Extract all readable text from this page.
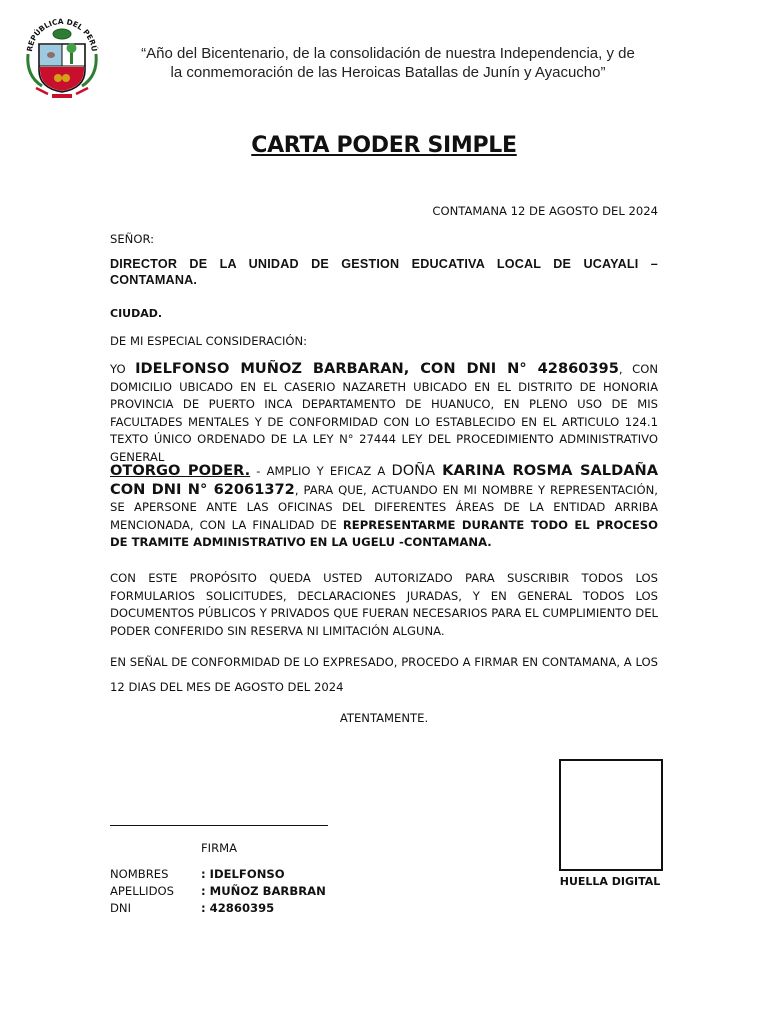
REPÚBLICA DEL PERÚ	“Año del Bicentenario, de la consolidación de nuestra Independencia, y de
la conmemoración de las Heroicas Batallas de Junín y Ayacucho”
CARTA PODER SIMPLE
CONTAMANA 12 DE AGOSTO DEL 2024
SEÑOR:
DIRECTOR DE LA UNIDAD DE GESTION EDUCATIVA LOCAL DE UCAYALI – CONTAMANA.
CIUDAD.
DE MI ESPECIAL CONSIDERACIÓN:
YO IDELFONSO MUÑOZ BARBARAN, CON DNI N° 42860395, CON DOMICILIO UBICADO EN EL CASERIO NAZARETH UBICADO EN EL DISTRITO DE HONORIA PROVINCIA DE PUERTO INCA DEPARTAMENTO DE HUANUCO, EN PLENO USO DE MIS FACULTADES MENTALES Y DE CONFORMIDAD CON LO ESTABLECIDO EN EL ARTICULO 124.1 TEXTO ÚNICO ORDENADO DE LA LEY N° 27444 LEY DEL PROCEDIMIENTO ADMINISTRATIVO GENERAL
OTORGO PODER. - AMPLIO Y EFICAZ A DOÑA KARINA ROSMA SALDAÑA CON DNI N° 62061372, PARA QUE, ACTUANDO EN MI NOMBRE Y REPRESENTACIÓN, SE APERSONE ANTE LAS OFICINAS DEL DIFERENTES ÁREAS DE LA ENTIDAD ARRIBA MENCIONADA, CON LA FINALIDAD DE REPRESENTARME DURANTE TODO EL PROCESO DE TRAMITE ADMINISTRATIVO EN LA UGELU -CONTAMANA.
CON ESTE PROPÓSITO QUEDA USTED AUTORIZADO PARA SUSCRIBIR TODOS LOS FORMULARIOS SOLICITUDES, DECLARACIONES JURADAS, Y EN GENERAL TODOS LOS DOCUMENTOS PÚBLICOS Y PRIVADOS QUE FUERAN NECESARIOS PARA EL CUMPLIMIENTO DEL PODER CONFERIDO SIN RESERVA NI LIMITACIÓN ALGUNA.
EN SEÑAL DE CONFORMIDAD DE LO EXPRESADO, PROCEDO A FIRMAR EN CONTAMANA, A LOS 12 DIAS DEL MES DE AGOSTO DEL 2024
ATENTAMENTE.
HUELLA DIGITAL
FIRMA
NOMBRES	: IDELFONSO
APELLIDOS : MUÑOZ BARBRAN
DNI	: 42860395
